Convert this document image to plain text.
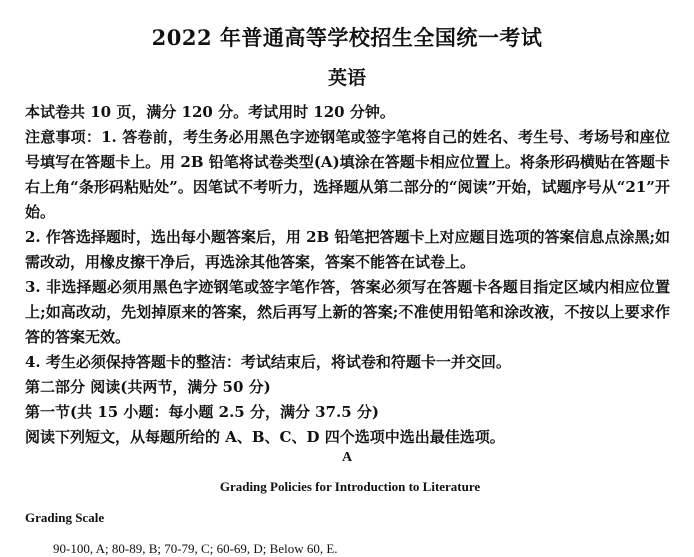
2022 年普通高等学校招生全国统一考试
英语

本试卷共 10 页，满分 120 分。考试用时 120 分钟。

注意事项：1. 答卷前，考生务必用黑色字迹钢笔或签字笔将自己的姓名、考生号、考场号和座位号填写在答题卡上。用 2B 铅笔将试卷类型(A)填涂在答题卡相应位置上。将条形码横贴在答题卡右上角“条形码粘贴处”。因笔试不考听力，选择题从第二部分的“阅读”开始，试题序号从“21”开始。

2. 作答选择题时，选出每小题答案后，用 2B 铅笔把答题卡上对应题目选项的答案信息点涂黑;如需改动，用橡皮擦干净后，再选涂其他答案，答案不能答在试卷上。

3. 非选择题必须用黑色字迹钢笔或签字笔作答，答案必须写在答题卡各题目指定区域内相应位置上;如高改动，先划掉原来的答案，然后再写上新的答案;不准使用铅笔和涂改液，不按以上要求作答的答案无效。

4. 考生必须保持答题卡的整洁：考试结束后，将试卷和符题卡一并交回。

第二部分 阅读(共两节，满分 50 分)

第一节(共 15 小题：每小题 2.5 分，满分 37.5 分)

阅读下列短文，从每题所给的 A、B、C、D 四个选项中选出最佳选项。

A
Grading Policies for Introduction to Literature
Grading Scale
90-100, A; 80-89, B; 70-79, C; 60-69, D; Below 60, E.
